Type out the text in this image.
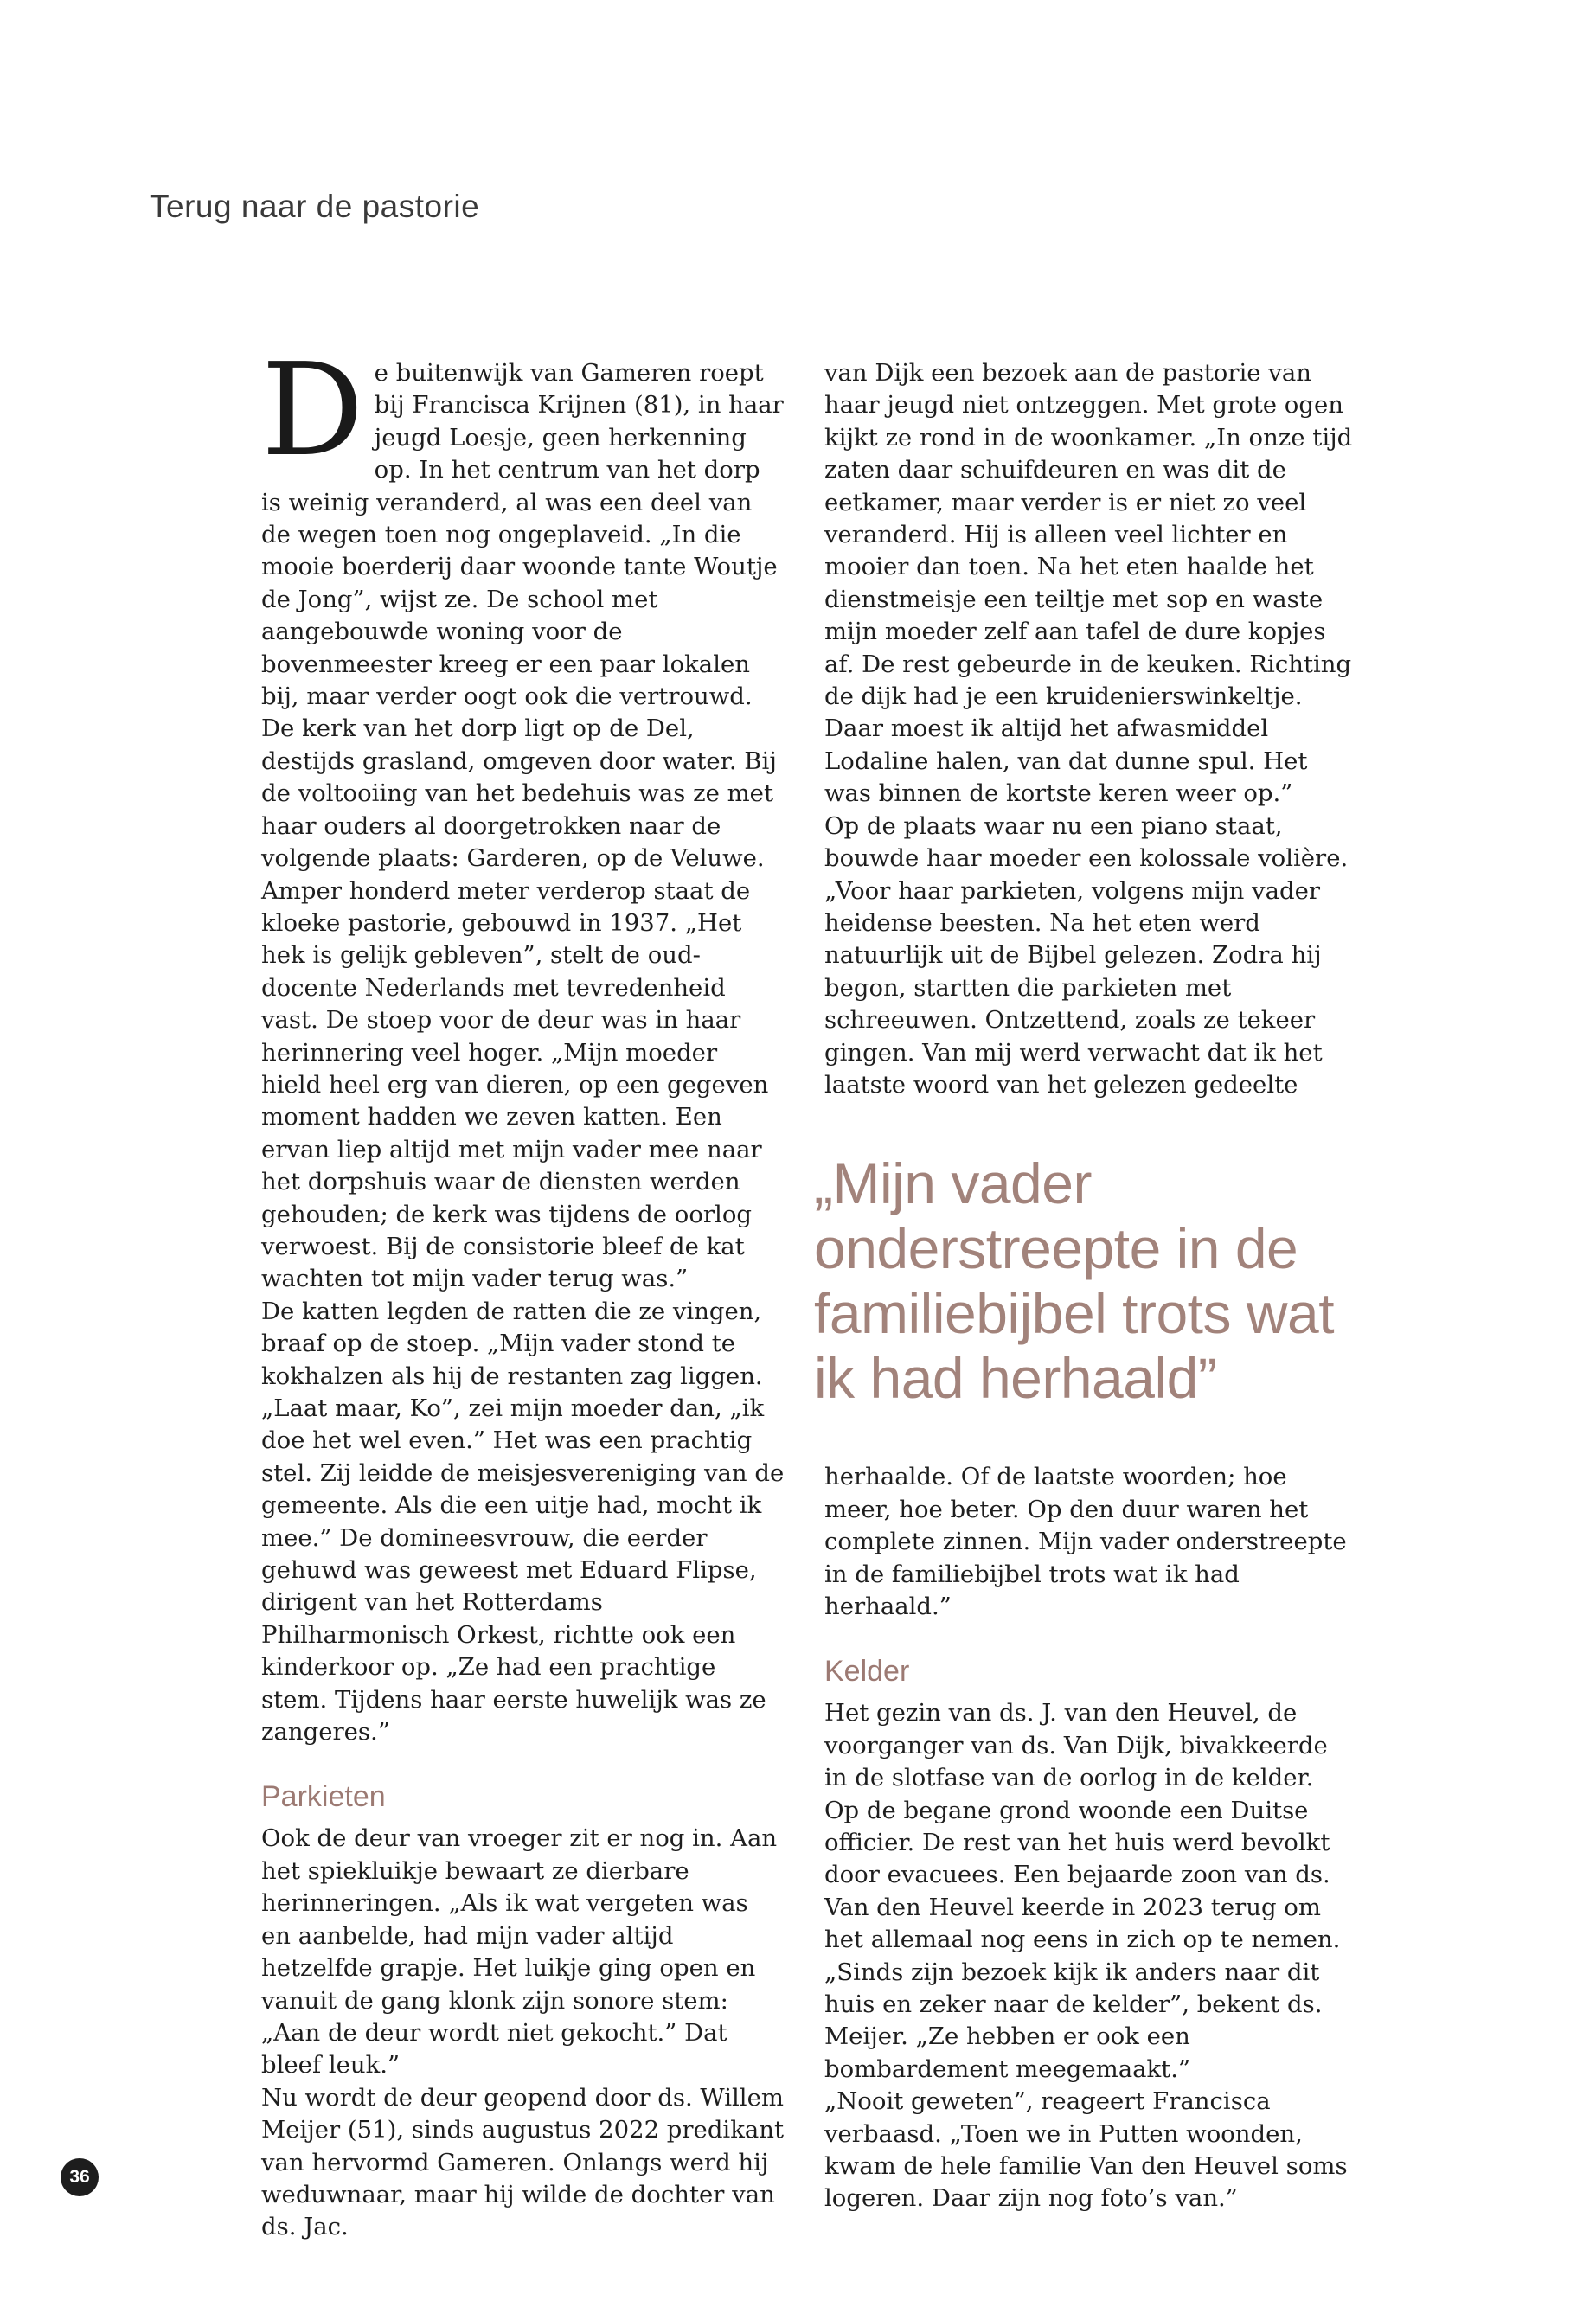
Terug naar de pastorie

De buitenwijk van Gameren roept bij Francisca Krijnen (81), in haar jeugd Loesje, geen herkenning op. In het centrum van het dorp is weinig veranderd, al was een deel van de wegen toen nog ongeplaveid. „In die mooie boerderij daar woonde tante Woutje de Jong”, wijst ze. De school met aangebouwde woning voor de bovenmeester kreeg er een paar lokalen bij, maar verder oogt ook die vertrouwd. De kerk van het dorp ligt op de Del, destijds grasland, omgeven door water. Bij de voltooiing van het bedehuis was ze met haar ouders al doorgetrokken naar de volgende plaats: Garderen, op de Veluwe.

Amper honderd meter verderop staat de kloeke pastorie, gebouwd in 1937. „Het hek is gelijk gebleven”, stelt de oud-docente Nederlands met tevredenheid vast. De stoep voor de deur was in haar herinnering veel hoger. „Mijn moeder hield heel erg van dieren, op een gegeven moment hadden we zeven katten. Een ervan liep altijd met mijn vader mee naar het dorpshuis waar de diensten werden gehouden; de kerk was tijdens de oorlog verwoest. Bij de consistorie bleef de kat wachten tot mijn vader terug was.”

De katten legden de ratten die ze vingen, braaf op de stoep. „Mijn vader stond te kokhalzen als hij de restanten zag liggen. „Laat maar, Ko”, zei mijn moeder dan, „ik doe het wel even.” Het was een prachtig stel. Zij leidde de meisjesvereniging van de gemeente. Als die een uitje had, mocht ik mee.” De domineesvrouw, die eerder gehuwd was geweest met Eduard Flipse, dirigent van het Rotterdams Philharmonisch Orkest, richtte ook een kinderkoor op. „Ze had een prachtige stem. Tijdens haar eerste huwelijk was ze zangeres.”

Parkieten

Ook de deur van vroeger zit er nog in. Aan het spiekluikje bewaart ze dierbare herinneringen. „Als ik wat vergeten was en aanbelde, had mijn vader altijd hetzelfde grapje. Het luikje ging open en vanuit de gang klonk zijn sonore stem: „Aan de deur wordt niet gekocht.” Dat bleef leuk.”

Nu wordt de deur geopend door ds. Willem Meijer (51), sinds augustus 2022 predikant van hervormd Gameren. Onlangs werd hij weduwnaar, maar hij wilde de dochter van ds. Jac.

van Dijk een bezoek aan de pastorie van haar jeugd niet ontzeggen. Met grote ogen kijkt ze rond in de woonkamer. „In onze tijd zaten daar schuifdeuren en was dit de eetkamer, maar verder is er niet zo veel veranderd. Hij is alleen veel lichter en mooier dan toen. Na het eten haalde het dienstmeisje een teiltje met sop en waste mijn moeder zelf aan tafel de dure kopjes af. De rest gebeurde in de keuken. Richting de dijk had je een kruidenierswinkeltje. Daar moest ik altijd het afwasmiddel Lodaline halen, van dat dunne spul. Het was binnen de kortste keren weer op.”

Op de plaats waar nu een piano staat, bouwde haar moeder een kolossale volière. „Voor haar parkieten, volgens mijn vader heidense beesten. Na het eten werd natuurlijk uit de Bijbel gelezen. Zodra hij begon, startten die parkieten met schreeuwen. Ontzettend, zoals ze tekeer gingen. Van mij werd verwacht dat ik het laatste woord van het gelezen gedeelte

„Mijn vader onderstreepte in de familiebijbel trots wat ik had herhaald”

herhaalde. Of de laatste woorden; hoe meer, hoe beter. Op den duur waren het complete zinnen. Mijn vader onderstreepte in de familiebijbel trots wat ik had herhaald.”

Kelder

Het gezin van ds. J. van den Heuvel, de voorganger van ds. Van Dijk, bivakkeerde in de slotfase van de oorlog in de kelder. Op de begane grond woonde een Duitse officier. De rest van het huis werd bevolkt door evacuees. Een bejaarde zoon van ds. Van den Heuvel keerde in 2023 terug om het allemaal nog eens in zich op te nemen. „Sinds zijn bezoek kijk ik anders naar dit huis en zeker naar de kelder”, bekent ds. Meijer. „Ze hebben er ook een bombardement meegemaakt.”

„Nooit geweten”, reageert Francisca verbaasd. „Toen we in Putten woonden, kwam de hele familie Van den Heuvel soms logeren. Daar zijn nog foto’s van.”

36
